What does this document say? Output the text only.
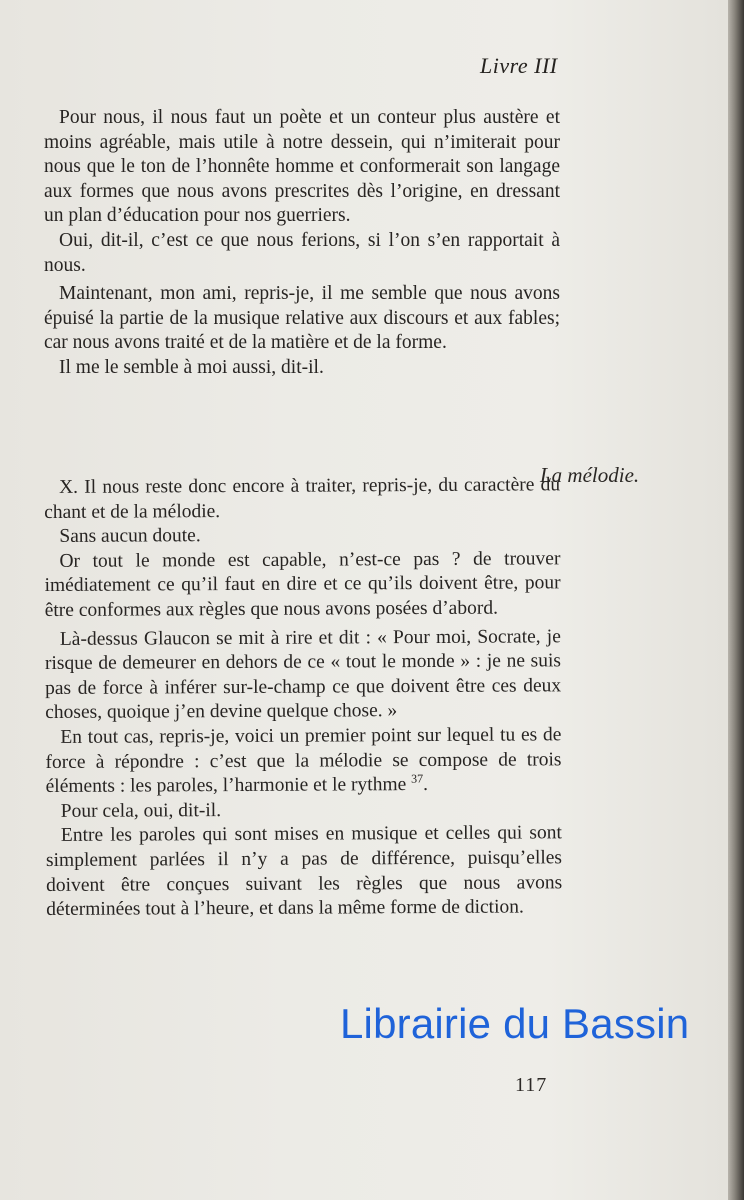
Livre III

Pour nous, il nous faut un poète et un conteur plus austère et moins agréable, mais utile à notre dessein, qui n’imiterait pour nous que le ton de l’honnête homme et conformerait son langage aux formes que nous avons prescrites dès l’origine, en dressant un plan d’éducation pour nos guerriers.

Oui, dit-il, c’est ce que nous ferions, si l’on s’en rapportait à nous.

Maintenant, mon ami, repris-je, il me semble que nous avons épuisé la partie de la musique relative aux discours et aux fables; car nous avons traité et de la matière et de la forme.

Il me le semble à moi aussi, dit-il.

La mélodie.

X. Il nous reste donc encore à traiter, repris-je, du caractère du chant et de la mélodie.

Sans aucun doute.

Or tout le monde est capable, n’est-ce pas ? de trouver imédiatement ce qu’il faut en dire et ce qu’ils doivent être, pour être conformes aux règles que nous avons posées d’abord.

Là-dessus Glaucon se mit à rire et dit : « Pour moi, Socrate, je risque de demeurer en dehors de ce « tout le monde » : je ne suis pas de force à inférer sur-le-champ ce que doivent être ces deux choses, quoique j’en devine quelque chose. »

En tout cas, repris-je, voici un premier point sur lequel tu es de force à répondre : c’est que la mélodie se compose de trois éléments : les paroles, l’harmonie et le rythme $^{37}$.

Pour cela, oui, dit-il.

Entre les paroles qui sont mises en musique et celles qui sont simplement parlées il n’y a pas de différence, puisqu’elles doivent être conçues suivant les règles que nous avons déterminées tout à l’heure, et dans la même forme de diction.

Librairie du Bassin
117
